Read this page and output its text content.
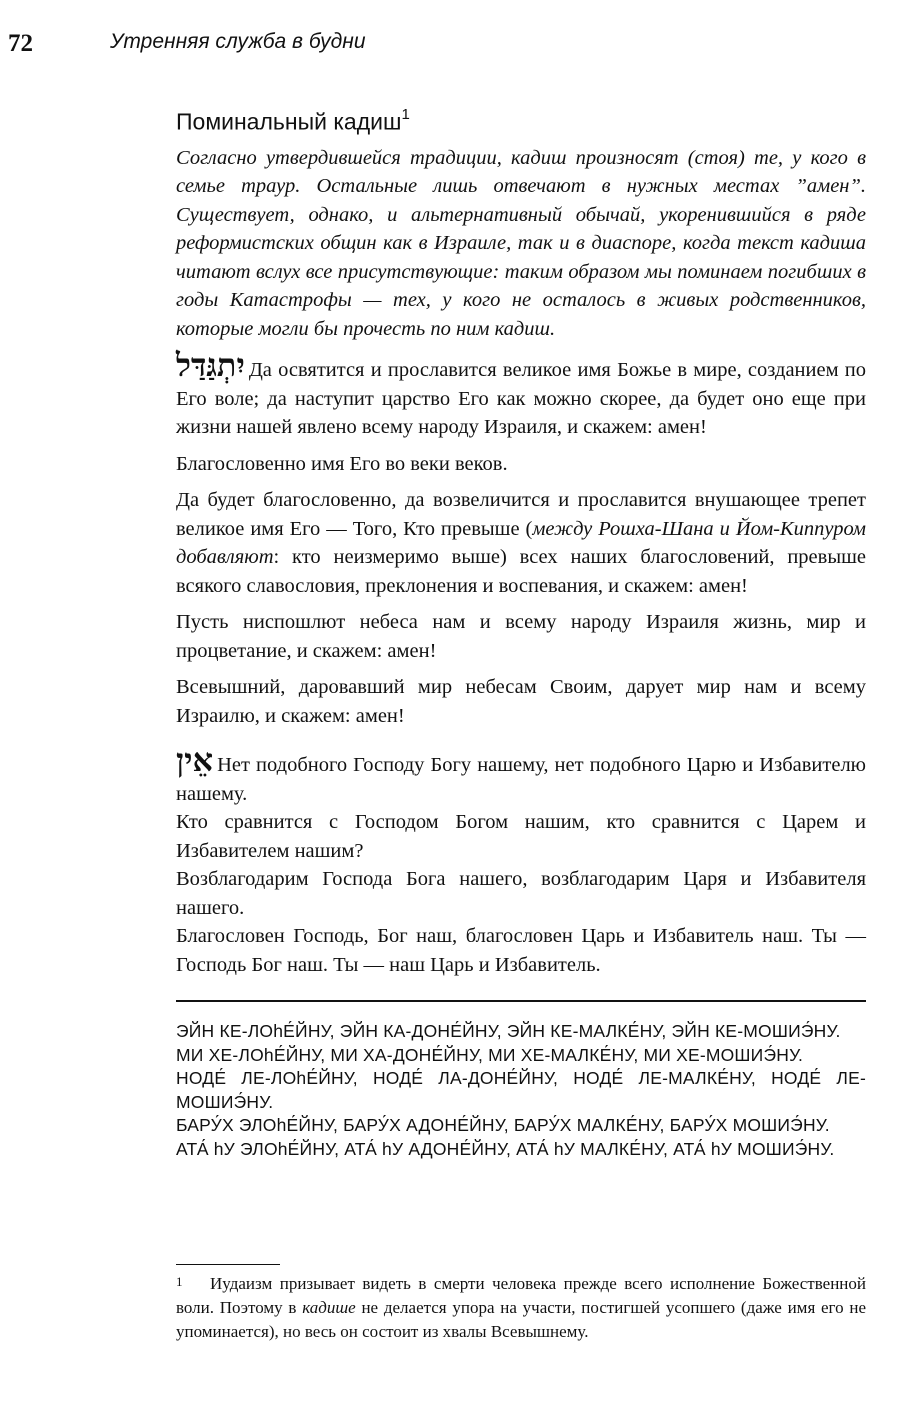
72	Утренняя служба в будни
Поминальный кадиш$^1$

Согласно утвердившейся традиции, кадиш произносят (стоя) те, у кого в семье траур. Остальные лишь отвечают в нужных местах ”амен”. Существует, однако, и альтернативный обычай, укоренившийся в ряде реформистских общин как в Израиле, так и в диаспоре, когда текст кадиша читают вслух все присутствующие: таким образом мы поминаем погибших в годы Катастрофы — тех, у кого не осталось в живых родственников, которые могли бы прочесть по ним кадиш.

יִתְגַּדַּל Да освятится и прославится великое имя Божье в мире, созданием по Его воле; да наступит царство Его как можно скорее, да будет оно еще при жизни нашей явлено всему народу Израиля, и скажем: амен!

Благословенно имя Его во веки веков.

Да будет благословенно, да возвеличится и прославится внушающее трепет великое имя Его — Того, Кто превыше (между Рошха-Шана и Йом-Киппуром добавляют: кто неизмеримо выше) всех наших благословений, превыше всякого славословия, преклонения и воспевания, и скажем: амен!

Пусть ниспошлют небеса нам и всему народу Израиля жизнь, мир и процветание, и скажем: амен!

Всевышний, даровавший мир небесам Своим, дарует мир нам и всему Израилю, и скажем: амен!

אֵין Нет подобного Господу Богу нашему, нет подобного Царю и Избавителю нашему.
Кто сравнится с Господом Богом нашим, кто сравнится с Царем и Избавителем нашим?
Возблагодарим Господа Бога нашего, возблагодарим Царя и Избавителя нашего.
Благословен Господь, Бог наш, благословен Царь и Избавитель наш. Ты — Господь Бог наш. Ты — наш Царь и Избавитель.

ЭЙН КЕ-ЛОhЕ́ЙНУ, ЭЙН КА-ДОНЕ́ЙНУ, ЭЙН КЕ-МАЛКЕ́НУ, ЭЙН КЕ-МОШИЭ́НУ.
МИ ХЕ-ЛОhЕ́ЙНУ, МИ ХА-ДОНЕ́ЙНУ, МИ ХЕ-МАЛКЕ́НУ, МИ ХЕ-МОШИЭ́НУ.
НОДЕ́ ЛЕ-ЛОhЕ́ЙНУ, НОДЕ́ ЛА-ДОНЕ́ЙНУ, НОДЕ́ ЛЕ-МАЛКЕ́НУ, НОДЕ́ ЛЕ-МОШИЭ́НУ.
БАРУ́Х ЭЛОhЕ́ЙНУ, БАРУ́Х АДОНЕ́ЙНУ, БАРУ́Х МАЛКЕ́НУ, БАРУ́Х МОШИЭ́НУ.
АТА́ hУ ЭЛОhЕ́ЙНУ, АТА́ hУ АДОНЕ́ЙНУ, АТА́ hУ МАЛКЕ́НУ, АТА́ hУ МОШИЭ́НУ.
1 Иудаизм призывает видеть в смерти человека прежде всего исполнение Божественной воли. Поэтому в кадише не делается упора на участи, постигшей усопшего (даже имя его не упоминается), но весь он состоит из хвалы Всевышнему.
